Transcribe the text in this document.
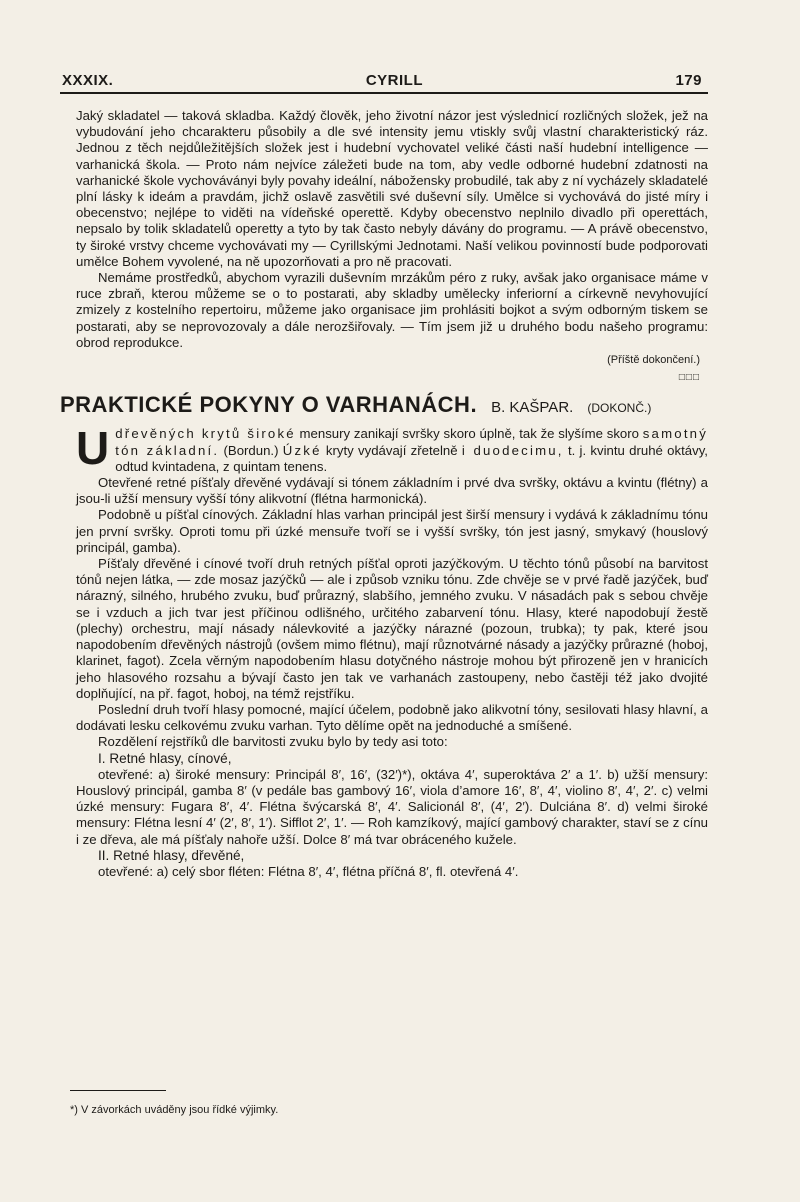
XXXIX.	CYRILL	179

Jaký skladatel — taková skladba. Každý člověk, jeho životní názor jest výslednicí rozličných složek, jež na vybudování jeho chcarakteru působily a dle své intensity jemu vtiskly svůj vlastní charakteristický ráz. Jednou z těch nejdůležitějších složek jest i hudební vychovatel veliké části naší hudební intelligence — varhanická škola. — Proto nám nejvíce záležeti bude na tom, aby vedle odborné hudební zdatnosti na varhanické škole vychováványi byly povahy ideální, nábožensky probudilé, tak aby z ní vycházely skladatelé plní lásky k ideám a pravdám, jichž oslavě zasvětili své duševní síly. Umělce si vychovává do jisté míry i obecenstvo; nejlépe to viděti na vídeňské operettě. Kdyby obecenstvo neplnilo divadlo při operettách, nepsalo by tolik skladatelů operetty a tyto by tak často nebyly dávány do programu. — A právě obecenstvo, ty široké vrstvy chceme vychovávati my — Cyrillskými Jednotami. Naší velikou povinností bude podporovati umělce Bohem vyvolené, na ně upozorňovati a pro ně pracovati.

Nemáme prostředků, abychom vyrazili duševním mrzákům péro z ruky, avšak jako organisace máme v ruce zbraň, kterou můžeme se o to postarati, aby skladby umělecky inferiorní a církevně nevyhovující zmizely z kostelního repertoiru, můžeme jako organisace jim prohlásiti bojkot a svým odborným tiskem se postarati, aby se neprovozovaly a dále nerozšiřovaly. — Tím jsem již u druhého bodu našeho programu: obrod reprodukce.

(Příště dokončení.)
□□□
PRAKTICKÉ POKYNY O VARHANÁCH. B. KAŠPAR. (DOKONČ.)

U dřevěných krytů široké mensury zanikají svršky skoro úplně, tak že slyšíme skoro samotný tón základní. (Bordun.) Úzké kryty vydávají zřetelně i duodecimu, t. j. kvintu druhé oktávy, odtud kvintadena, z quintam tenens.

Otevřené retné píšťaly dřevěné vydávají si tónem základním i prvé dva svršky, oktávu a kvintu (flétny) a jsou-li užší mensury vyšší tóny alikvotní (flétna harmonická).

Podobně u píšťal cínových. Základní hlas varhan principál jest širší mensury i vydává k základnímu tónu jen první svršky. Oproti tomu při úzké mensuře tvoří se i vyšší svršky, tón jest jasný, smykavý (houslový principál, gamba).

Píšťaly dřevěné i cínové tvoří druh retných píšťal oproti jazýčkovým. U těchto tónů působí na barvitost tónů nejen látka, — zde mosaz jazýčků — ale i způsob vzniku tónu. Zde chvěje se v prvé řadě jazýček, buď nárazný, silného, hrubého zvuku, buď průrazný, slabšího, jemného zvuku. V násadách pak s sebou chvěje se i vzduch a jich tvar jest příčinou odlišného, určitého zabarvení tónu. Hlasy, které napodobují žestě (plechy) orchestru, mají násady nálevkovité a jazýčky nárazné (pozoun, trubka); ty pak, které jsou napodobením dřevěných nástrojů (ovšem mimo flétnu), mají různotvárné násady a jazýčky průrazné (hoboj, klarinet, fagot). Zcela věrným napodobením hlasu dotyčného nástroje mohou být přirozeně jen v hranicích jeho hlasového rozsahu a bývají často jen tak ve varhanách zastoupeny, nebo častěji též jako dvojité doplňující, na př. fagot, hoboj, na témž rejstříku.

Poslední druh tvoří hlasy pomocné, mající účelem, podobně jako alikvotní tóny, sesilovati hlasy hlavní, a dodávati lesku celkovému zvuku varhan. Tyto dělíme opět na jednoduché a smíšené.

Rozdělení rejstříků dle barvitosti zvuku bylo by tedy asi toto:

I. Retné hlasy, cínové,

otevřené: a) široké mensury: Principál 8′, 16′, (32′)*), oktáva 4′, superoktáva 2′ a 1′. b) užší mensury: Houslový principál, gamba 8′ (v pedále bas gambový 16′, viola d’amore 16′, 8′, 4′, violino 8′, 4′, 2′. c) velmi úzké mensury: Fugara 8′, 4′. Flétna švýcarská 8′, 4′. Salicionál 8′, (4′, 2′). Dulciána 8′. d) velmi široké mensury: Flétna lesní 4′ (2′, 8′, 1′). Sifflot 2′, 1′. — Roh kamzíkový, mající gambový charakter, staví se z cínu i ze dřeva, ale má píšťaly nahoře užší. Dolce 8′ má tvar obráceného kužele.

II. Retné hlasy, dřevěné,

otevřené: a) celý sbor fléten: Flétna 8′, 4′, flétna příčná 8′, fl. otevřená 4′.

*) V závorkách uváděny jsou řídké výjimky.
